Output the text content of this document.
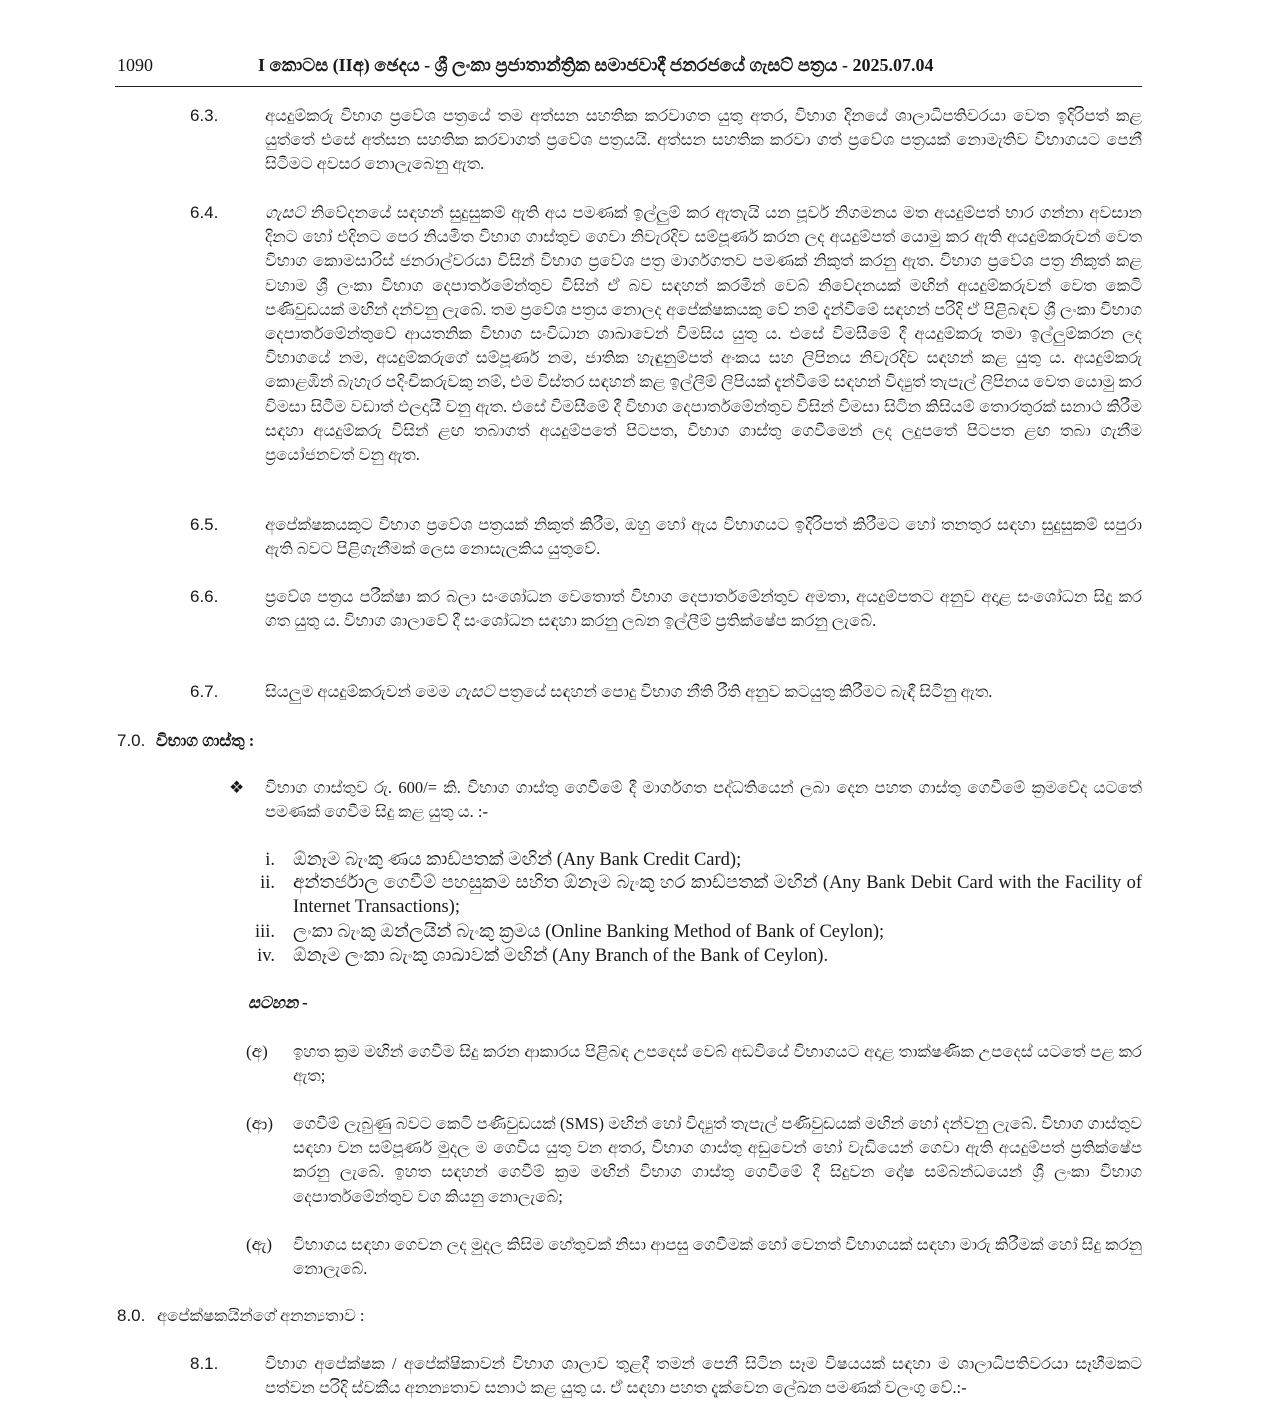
1090	I කොටස (IIඅ) ඡෙදය - ශ්‍රී ලංකා ප්‍රජාතාන්ත්‍රික සමාජවාදී ජනරජයේ ගැසට් පත්‍රය - 2025.07.04
6.3.	අයදුම්කරු විභාග ප්‍රවේශ පත්‍රයේ තම අත්සන සහතික කරවාගත යුතු අතර, විභාග දිනයේ ශාලාධිපතිවරයා වෙත ඉදිරිපත් කළ යුත්තේ එසේ අත්සන සහතික කරවාගත් ප්‍රවේශ පත්‍රයයි. අත්සන සහතික කරවා ගත් ප්‍රවේශ පත්‍රයක් නොමැතිව විභාගයට පෙනී සිටීමට අවසර නොලැබෙනු ඇත.
6.4.	ගැසට් නිවේදනයේ සඳහන් සුදුසුකම් ඇති අය පමණක් ඉල්ලුම් කර ඇතැයි යන පූර්ව නිගමනය මත අයදුම්පත් භාර ගන්නා අවසාන දිනට හෝ එදිනට පෙර නියමිත විභාග ගාස්තුව ගෙවා නිවැරදිව සම්පූර්ණ කරන ලද අයදුම්පත් යොමු කර ඇති අයදුම්කරුවන් වෙත විභාග කොමසාරිස් ජනරාල්වරයා විසින් විභාග ප්‍රවේශ පත්‍ර මාර්ගගතව පමණක් නිකුත් කරනු ඇත. විභාග ප්‍රවේශ පත්‍ර නිකුත් කළ වහාම ශ්‍රී ලංකා විභාග දෙපාර්තමේන්තුව විසින් ඒ බව සඳහන් කරමින් වෙබ් නිවේදනයක් මඟින් අයදුම්කරුවන් වෙත කෙටි පණිවුඩයක් මඟින් දන්වනු ලැබේ. තම ප්‍රවේශ පත්‍රය නොලද අපේක්ෂකයකු වේ නම් දැන්වීමේ සඳහන් පරිදි ඒ පිළිබඳව ශ්‍රී ලංකා විභාග දෙපාර්තමේන්තුවේ ආයතනික විභාග සංවිධාන ශාඛාවෙන් විමසිය යුතු ය. එසේ විමසීමේ දී අයදුම්කරු තමා ඉල්ලුම්කරන ලද විභාගයේ නම, අයදුම්කරුගේ සම්පූර්ණ නම, ජාතික හැඳුනුම්පත් අංකය සහ ලිපිනය නිවැරදිව සඳහන් කළ යුතු ය. අයදුම්කරු කොළඹින් බැහැර පදිංචිකරුවකු නම්, එම විස්තර සඳහන් කළ ඉල්ලීම් ලිපියක් දැන්වීමේ සඳහන් විද්‍යුත් තැපැල් ලිපිනය වෙත යොමු කර විමසා සිටීම වඩාත් ඵලදායී වනු ඇත. එසේ විමසීමේ දී විභාග දෙපාර්තමේන්තුව විසින් විමසා සිටින කිසියම් තොරතුරක් සනාථ කිරීම සඳහා අයදුම්කරු විසින් ළඟ තබාගත් අයදුම්පතේ පිටපත, විභාග ගාස්තු ගෙවීමෙන් ලද ලදුපතේ පිටපත ළඟ තබා ගැනීම ප්‍රයෝජනවත් වනු ඇත.
6.5.	අපේක්ෂකයකුට විභාග ප්‍රවේශ පත්‍රයක් නිකුත් කිරීම, ඔහු හෝ ඇය විභාගයට ඉදිරිපත් කිරීමට හෝ තනතුර සඳහා සුදුසුකම් සපුරා ඇති බවට පිළිගැනීමක් ලෙස නොසැලකිය යුතුවේ.
6.6.	ප්‍රවේශ පත්‍රය පරීක්ෂා කර බලා සංශෝධන වෙතොත් විභාග දෙපාර්තමේන්තුව අමතා, අයදුම්පතට අනුව අදාළ සංශෝධන සිදු කර ගත යුතු ය. විභාග ශාලාවේ දී සංශෝධන සඳහා කරනු ලබන ඉල්ලීම් ප්‍රතික්ෂේප කරනු ලැබේ.
6.7.	සියලුම අයදුම්කරුවන් මෙම ගැසට් පත්‍රයේ සඳහන් පොදු විභාග නීති රීති අනුව කටයුතු කිරීමට බැඳී සිටිනු ඇත.
7.0. විභාග ගාස්තු :
❖	විභාග ගාස්තුව රු. 600/= කි. විභාග ගාස්තු ගෙවීමේ දී මාර්ගගත පද්ධතියෙන් ලබා දෙන පහත ගාස්තු ගෙවීමේ ක්‍රමවේද යටතේ පමණක් ගෙවීම සිදු කළ යුතු ය. :-
i. ඕනෑම බැංකු ණය කාඩ්පතක් මඟින් (Any Bank Credit Card);
ii. අන්තර්ජාල ගෙවීම් පහසුකම සහිත ඕනෑම බැංකු හර කාඩ්පතක් මඟින් (Any Bank Debit Card with the Facility of Internet Transactions);
iii. ලංකා බැංකු ඔන්ලයින් බැංකු ක්‍රමය (Online Banking Method of Bank of Ceylon);
iv. ඕනෑම ලංකා බැංකු ශාඛාවක් මඟින් (Any Branch of the Bank of Ceylon).
සටහන -
(අ)	ඉහත ක්‍රම මඟින් ගෙවීම සිදු කරන ආකාරය පිළිබඳ උපදෙස් වෙබ් අඩවියේ විභාගයට අදාළ තාක්ෂණික උපදෙස් යටතේ පළ කර ඇත;
(ආ)	ගෙවීම් ලැබුණු බවට කෙටි පණිවුඩයක් (SMS) මඟින් හෝ විද්‍යුත් තැපැල් පණිවුඩයක් මඟින් හෝ දන්වනු ලැබේ. විභාග ගාස්තුව සඳහා වන සම්පූර්ණ මුදල ම ගෙවිය යුතු වන අතර, විභාග ගාස්තු අඩුවෙන් හෝ වැඩියෙන් ගෙවා ඇති අයදුම්පත් ප්‍රතික්ෂේප කරනු ලැබේ. ඉහත සඳහන් ගෙවීම් ක්‍රම මඟින් විභාග ගාස්තු ගෙවීමේ දී සිදුවන දෝෂ සම්බන්ධයෙන් ශ්‍රී ලංකා විභාග දෙපාර්තමේන්තුව වග කියනු නොලැබේ;
(ඇ)	විභාගය සඳහා ගෙවන ලද මුදල කිසිම හේතුවක් නිසා ආපසු ගෙවීමක් හෝ වෙනත් විභාගයක් සඳහා මාරු කිරීමක් හෝ සිදු කරනු නොලැබේ.
8.0. අපේක්ෂකයින්ගේ අනන්‍යතාව :
8.1.	විභාග අපේක්ෂක / අපේක්ෂිකාවන් විභාග ශාලාව තුළදී තමන් පෙනී සිටින සෑම විෂයයක් සඳහා ම ශාලාධිපතිවරයා සෑහීමකට පත්වන පරිදි ස්වකීය අනන්‍යතාව සනාථ කළ යුතු ය. ඒ සඳහා පහත දැක්වෙන ලේඛන පමණක් වලංගු වේ.:-
